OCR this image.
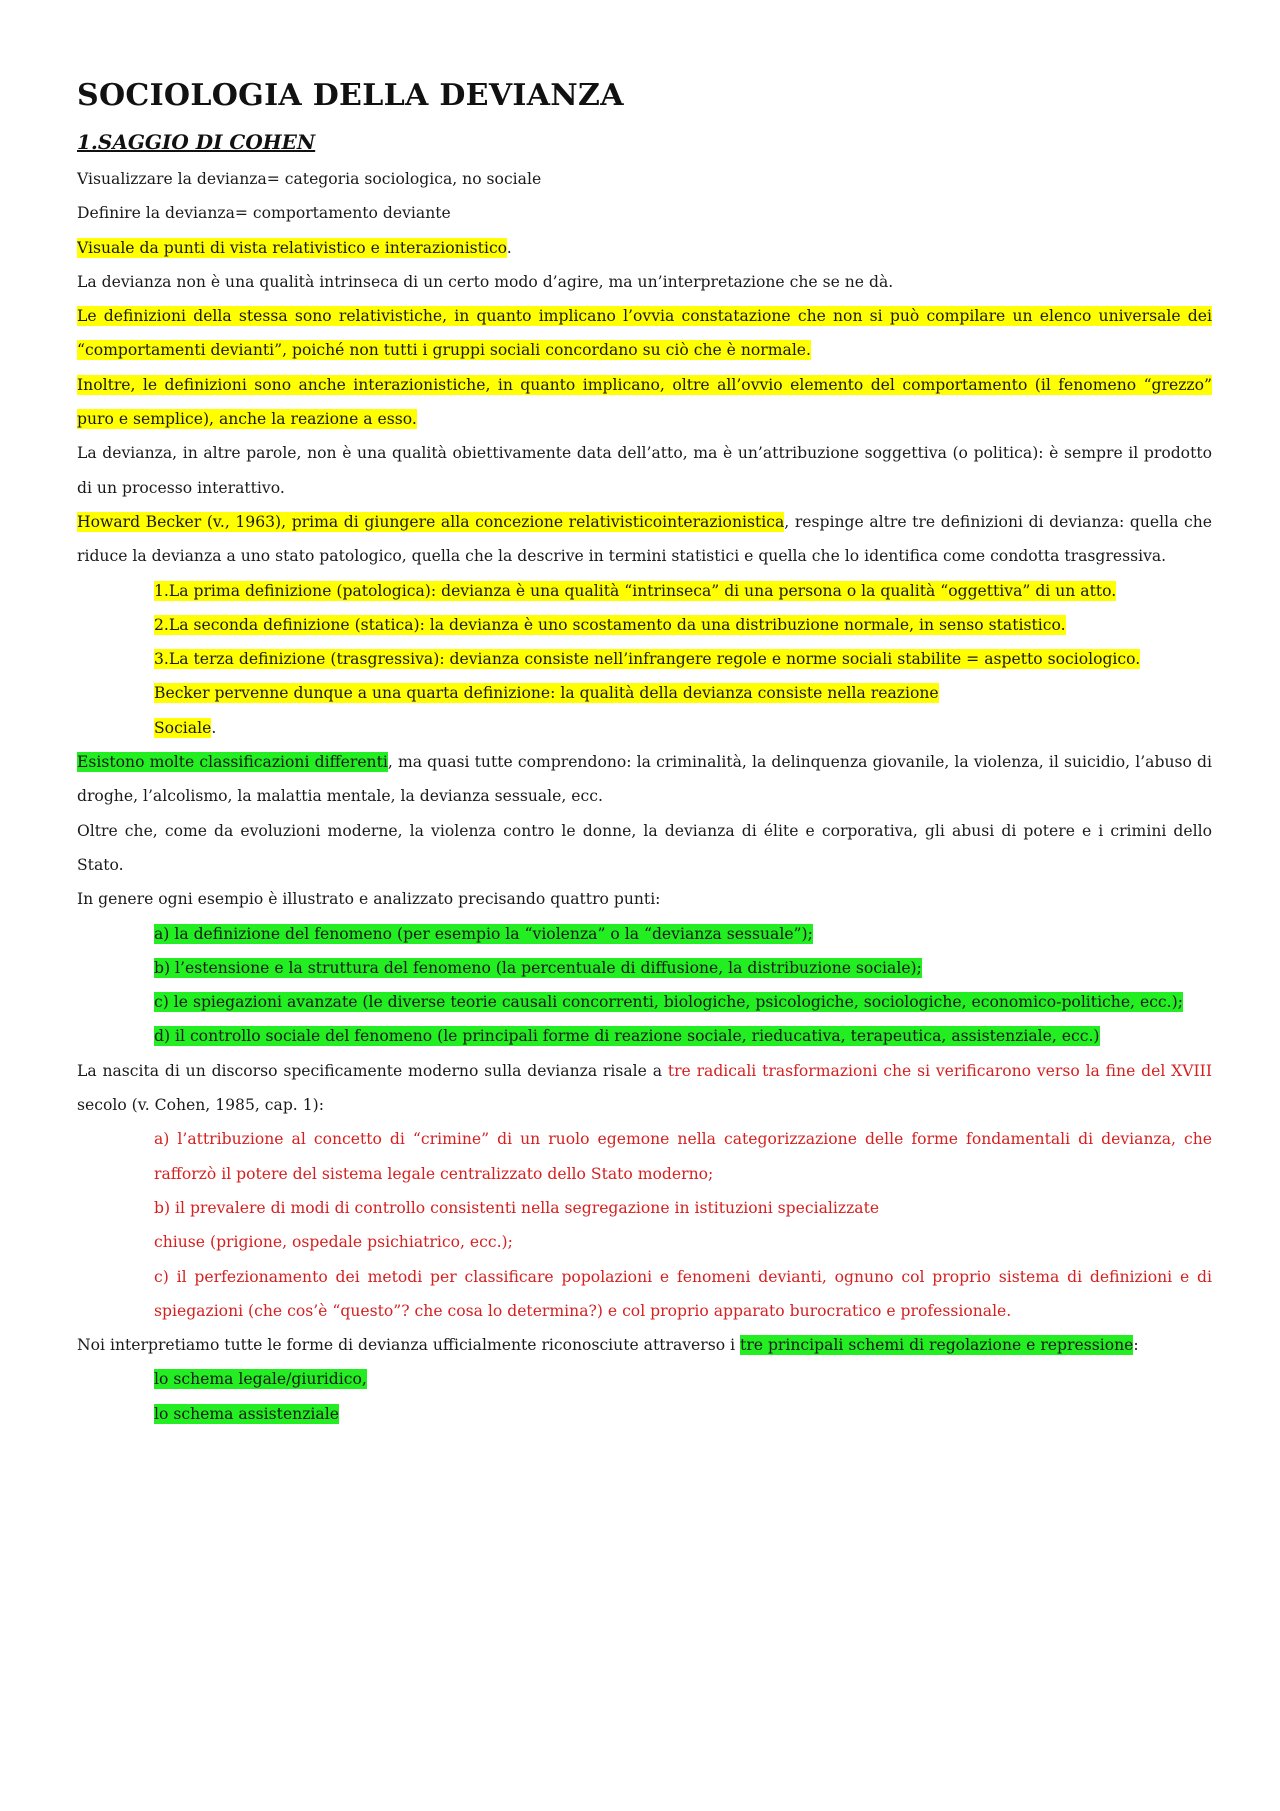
SOCIOLOGIA DELLA DEVIANZA
1.SAGGIO DI COHEN

Visualizzare la devianza= categoria sociologica, no sociale

Definire la devianza= comportamento deviante

Visuale da punti di vista relativistico e interazionistico.

La devianza non è una qualità intrinseca di un certo modo d’agire, ma un’interpretazione che se ne dà.

Le definizioni della stessa sono relativistiche, in quanto implicano l’ovvia constatazione che non si può compilare un elenco universale dei “comportamenti devianti”, poiché non tutti i gruppi sociali concordano su ciò che è normale.

Inoltre, le definizioni sono anche interazionistiche, in quanto implicano, oltre all’ovvio elemento del comportamento (il fenomeno “grezzo” puro e semplice), anche la reazione a esso.

La devianza, in altre parole, non è una qualità obiettivamente data dell’atto, ma è un’attribuzione soggettiva (o politica): è sempre il prodotto di un processo interattivo.

Howard Becker (v., 1963), prima di giungere alla concezione relativisticointerazionistica, respinge altre tre definizioni di devianza: quella che riduce la devianza a uno stato patologico, quella che la descrive in termini statistici e quella che lo identifica come condotta trasgressiva.

1.La prima definizione (patologica): devianza è una qualità “intrinseca” di una persona o la qualità “oggettiva” di un atto.

2.La seconda definizione (statica): la devianza è uno scostamento da una distribuzione normale, in senso statistico.

3.La terza definizione (trasgressiva): devianza consiste nell’infrangere regole e norme sociali stabilite = aspetto sociologico.

Becker pervenne dunque a una quarta definizione: la qualità della devianza consiste nella reazione

Sociale.

Esistono molte classificazioni differenti, ma quasi tutte comprendono: la criminalità, la delinquenza giovanile, la violenza, il suicidio, l’abuso di droghe, l’alcolismo, la malattia mentale, la devianza sessuale, ecc.

Oltre che, come da evoluzioni moderne, la violenza contro le donne, la devianza di élite e corporativa, gli abusi di potere e i crimini dello Stato.

In genere ogni esempio è illustrato e analizzato precisando quattro punti:

a) la definizione del fenomeno (per esempio la “violenza” o la “devianza sessuale”);

b) l’estensione e la struttura del fenomeno (la percentuale di diffusione, la distribuzione sociale);

c) le spiegazioni avanzate (le diverse teorie causali concorrenti, biologiche, psicologiche, sociologiche, economico-politiche, ecc.);

d) il controllo sociale del fenomeno (le principali forme di reazione sociale, rieducativa, terapeutica, assistenziale, ecc.)

La nascita di un discorso specificamente moderno sulla devianza risale a tre radicali trasformazioni che si verificarono verso la fine del XVIII secolo (v. Cohen, 1985, cap. 1):

a) l’attribuzione al concetto di “crimine” di un ruolo egemone nella categorizzazione delle forme fondamentali di devianza, che rafforzò il potere del sistema legale centralizzato dello Stato moderno;

b) il prevalere di modi di controllo consistenti nella segregazione in istituzioni specializzate

chiuse (prigione, ospedale psichiatrico, ecc.);

c) il perfezionamento dei metodi per classificare popolazioni e fenomeni devianti, ognuno col proprio sistema di definizioni e di spiegazioni (che cos’è “questo”? che cosa lo determina?) e col proprio apparato burocratico e professionale.

Noi interpretiamo tutte le forme di devianza ufficialmente riconosciute attraverso i tre principali schemi di regolazione e repressione:

lo schema legale/giuridico,

lo schema assistenziale
